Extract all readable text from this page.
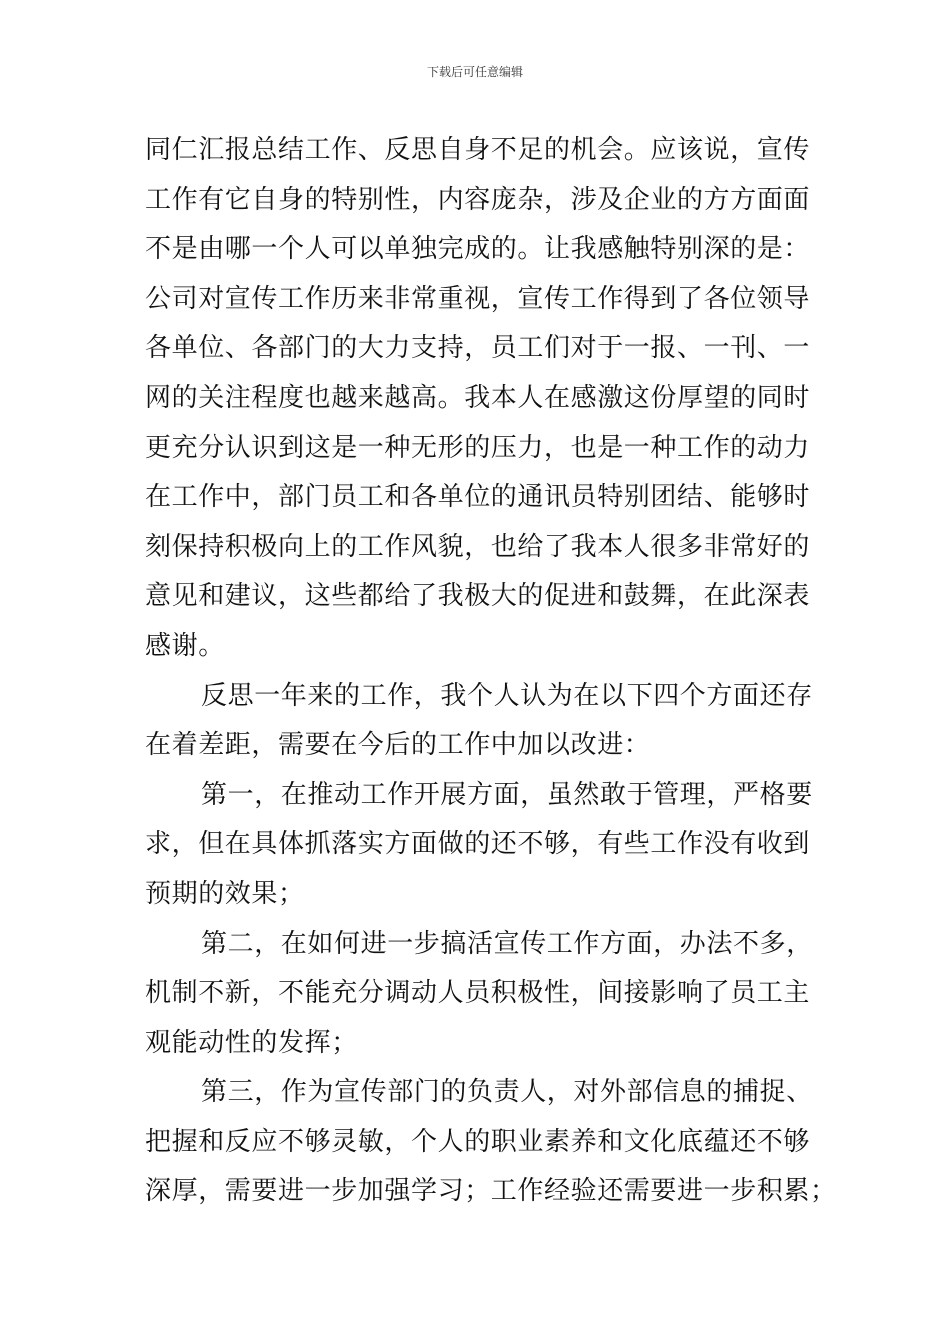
下载后可任意编辑
同仁汇报总结工作、反思自身不足的机会。应该说，宣传
工作有它自身的特别性，内容庞杂，涉及企业的方方面面
不是由哪一个人可以单独完成的。让我感触特别深的是：
公司对宣传工作历来非常重视，宣传工作得到了各位领导
各单位、各部门的大力支持，员工们对于一报、一刊、一
网的关注程度也越来越高。我本人在感激这份厚望的同时
更充分认识到这是一种无形的压力，也是一种工作的动力
在工作中，部门员工和各单位的通讯员特别团结、能够时
刻保持积极向上的工作风貌，也给了我本人很多非常好的
意见和建议，这些都给了我极大的促进和鼓舞，在此深表
感谢。
反思一年来的工作，我个人认为在以下四个方面还存
在着差距，需要在今后的工作中加以改进：
第一，在推动工作开展方面，虽然敢于管理，严格要
求，但在具体抓落实方面做的还不够，有些工作没有收到
预期的效果；
第二，在如何进一步搞活宣传工作方面，办法不多，
机制不新，不能充分调动人员积极性，间接影响了员工主
观能动性的发挥；
第三，作为宣传部门的负责人，对外部信息的捕捉、
把握和反应不够灵敏，个人的职业素养和文化底蕴还不够
深厚，需要进一步加强学习；工作经验还需要进一步积累；
